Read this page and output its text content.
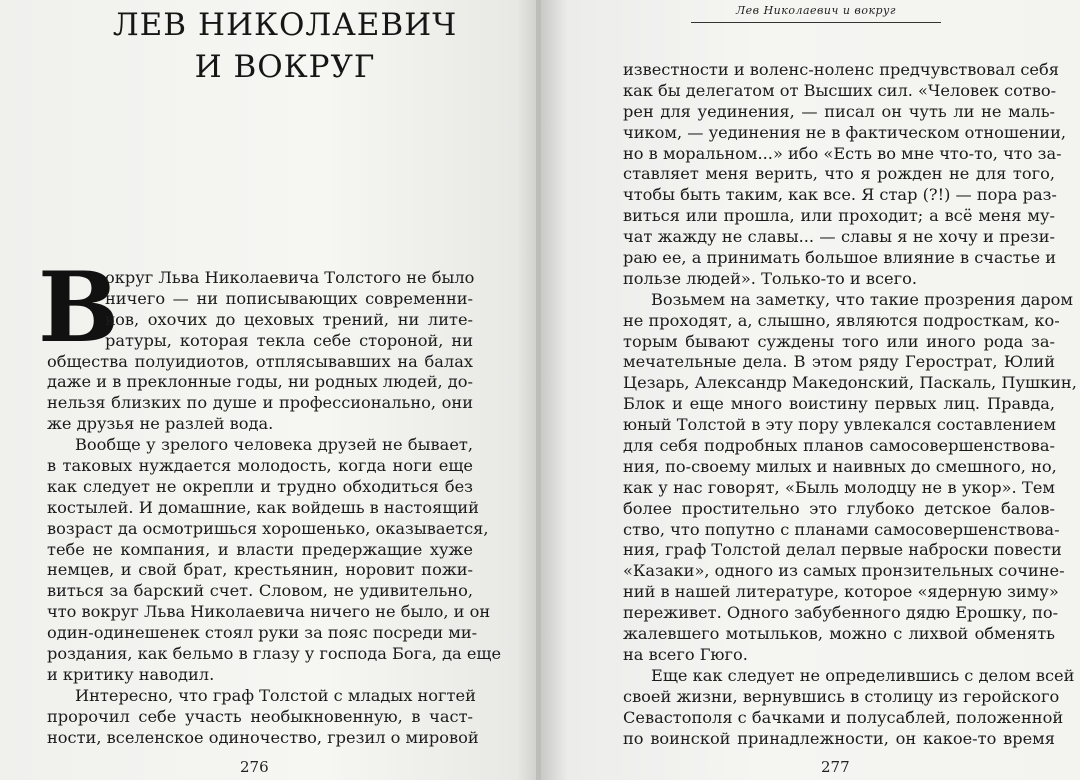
ЛЕВ НИКОЛАЕВИЧ
И ВОКРУГ
В
округ Льва Николаевича Толстого не было
ничего — ни пописывающих современни-
ков, охочих до цеховых трений, ни лите-
ратуры, которая текла себе стороной, ни
общества полуидиотов, отплясывавших на балах
даже и в преклонные годы, ни родных людей, до-
нельзя близких по душе и профессионально, они
же друзья не разлей вода.
Вообще у зрелого человека друзей не бывает,
в таковых нуждается молодость, когда ноги еще
как следует не окрепли и трудно обходиться без
костылей. И домашние, как войдешь в настоящий
возраст да осмотришься хорошенько, оказывается,
тебе не компания, и власти предержащие хуже
немцев, и свой брат, крестьянин, норовит пожи-
виться за барский счет. Словом, не удивительно,
что вокруг Льва Николаевича ничего не было, и он
один-одинешенек стоял руки за пояс посреди ми-
роздания, как бельмо в глазу у господа Бога, да еще
и критику наводил.
Интересно, что граф Толстой с младых ногтей
пророчил себе участь необыкновенную, в част-
ности, вселенское одиночество, грезил о мировой
276
Лев Николаевич и вокруг
известности и воленс-ноленс предчувствовал себя
как бы делегатом от Высших сил. «Человек сотво-
рен для уединения, — писал он чуть ли не маль-
чиком, — уединения не в фактическом отношении,
но в моральном...» ибо «Есть во мне что-то, что за-
ставляет меня верить, что я рожден не для того,
чтобы быть таким, как все. Я стар (?!) — пора раз-
виться или прошла, или проходит; а всё меня му-
чат жажду не славы... — славы я не хочу и прези-
раю ее, а принимать большое влияние в счастье и
пользе людей». Только-то и всего.
Возьмем на заметку, что такие прозрения даром
не проходят, а, слышно, являются подросткам, ко-
торым бывают суждены того или иного рода за-
мечательные дела. В этом ряду Герострат, Юлий
Цезарь, Александр Македонский, Паскаль, Пушкин,
Блок и еще много воистину первых лиц. Правда,
юный Толстой в эту пору увлекался составлением
для себя подробных планов самосовершенствова-
ния, по-своему милых и наивных до смешного, но,
как у нас говорят, «Быль молодцу не в укор». Тем
более простительно это глубоко детское балов-
ство, что попутно с планами самосовершенствова-
ния, граф Толстой делал первые наброски повести
«Казаки», одного из самых пронзительных сочине-
ний в нашей литературе, которое «ядерную зиму»
переживет. Одного забубенного дядю Ерошку, по-
жалевшего мотыльков, можно с лихвой обменять
на всего Гюго.
Еще как следует не определившись с делом всей
своей жизни, вернувшись в столицу из геройского
Севастополя с бачками и полусаблей, положенной
по воинской принадлежности, он какое-то время
277
